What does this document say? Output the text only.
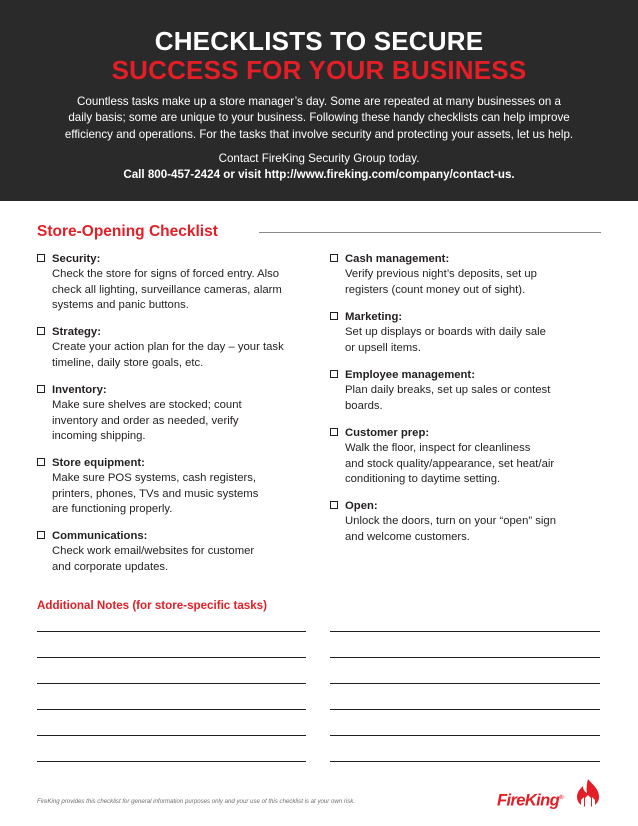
CHECKLISTS TO SECURE
SUCCESS FOR YOUR BUSINESS
Countless tasks make up a store manager’s day. Some are repeated at many businesses on a
daily basis; some are unique to your business. Following these handy checklists can help improve
efficiency and operations. For the tasks that involve security and protecting your assets, let us help.
Contact FireKing Security Group today.
Call 800-457-2424 or visit http://www.fireking.com/company/contact-us.
Store-Opening Checklist
Security:
Check the store for signs of forced entry. Also
check all lighting, surveillance cameras, alarm
systems and panic buttons.
Strategy:
Create your action plan for the day – your task
timeline, daily store goals, etc.
Inventory:
Make sure shelves are stocked; count
inventory and order as needed, verify
incoming shipping.
Store equipment:
Make sure POS systems, cash registers,
printers, phones, TVs and music systems
are functioning properly.
Communications:
Check work email/websites for customer
and corporate updates.
Cash management:
Verify previous night’s deposits, set up
registers (count money out of sight).
Marketing:
Set up displays or boards with daily sale
or upsell items.
Employee management:
Plan daily breaks, set up sales or contest
boards.
Customer prep:
Walk the floor, inspect for cleanliness
and stock quality/appearance, set heat/air
conditioning to daytime setting.
Open:
Unlock the doors, turn on your “open” sign
and welcome customers.
Additional Notes (for store-specific tasks)
FireKing provides this checklist for general information purposes only and your use of this checklist is at your own risk.	FireKing®
